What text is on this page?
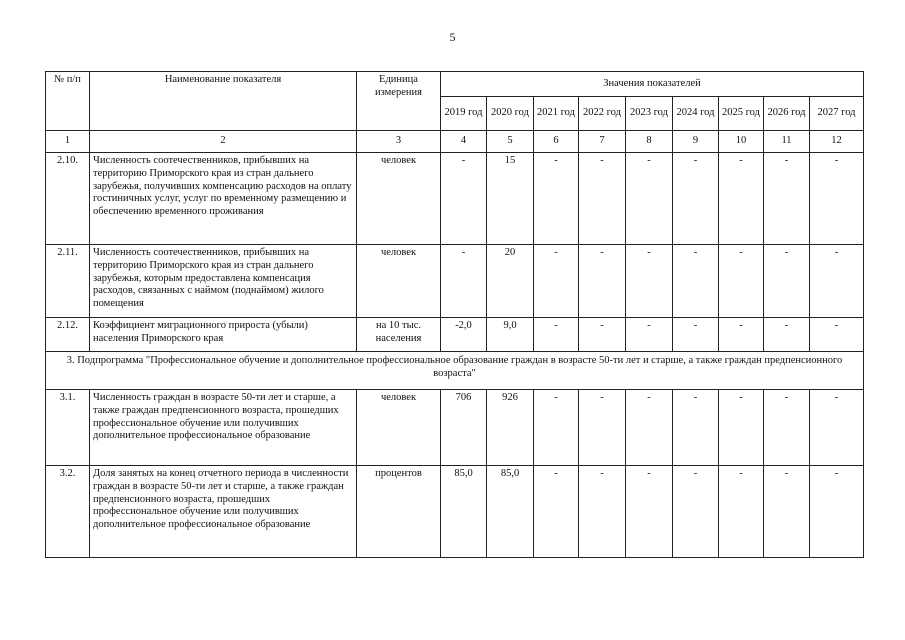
5
№ п/п	Наименование показателя	Единица измерения	Значения показателей								
			2019 год	2020 год	2021 год	2022 год	2023 год	2024 год	2025 год	2026 год	2027 год
1	2	3	4	5	6	7	8	9	10	11	12
2.10.	Численность соотечественников, прибывших на территорию Приморского края из стран дальнего зарубежья, получивших компенсацию расходов на оплату гостиничных услуг, услуг по временному размещению и обеспечению временного проживания	человек	-	15	-	-	-	-	-	-	-
2.11.	Численность соотечественников, прибывших на территорию Приморского края из стран дальнего зарубежья, которым предоставлена компенсация расходов, связанных с наймом (поднаймом) жилого помещения	человек	-	20	-	-	-	-	-	-	-
2.12.	Коэффициент миграционного прироста (убыли) населения Приморского края	на 10 тыс. населения	-2,0	9,0	-	-	-	-	-	-	-
3. Подпрограмма "Профессиональное обучение и дополнительное профессиональное образование граждан в возрасте 50-ти лет и старше, а также граждан предпенсионного возраста"											
3.1.	Численность граждан в возрасте 50-ти лет и старше, а также граждан предпенсионного возраста, прошедших профессиональное обучение или получивших дополнительное профессиональное образование	человек	706	926	-	-	-	-	-	-	-
3.2.	Доля занятых на конец отчетного периода в численности граждан в возрасте 50-ти лет и старше, а также граждан предпенсионного возраста, прошедших профессиональное обучение или получивших дополнительное профессиональное образование	процентов	85,0	85,0	-	-	-	-	-	-	-
